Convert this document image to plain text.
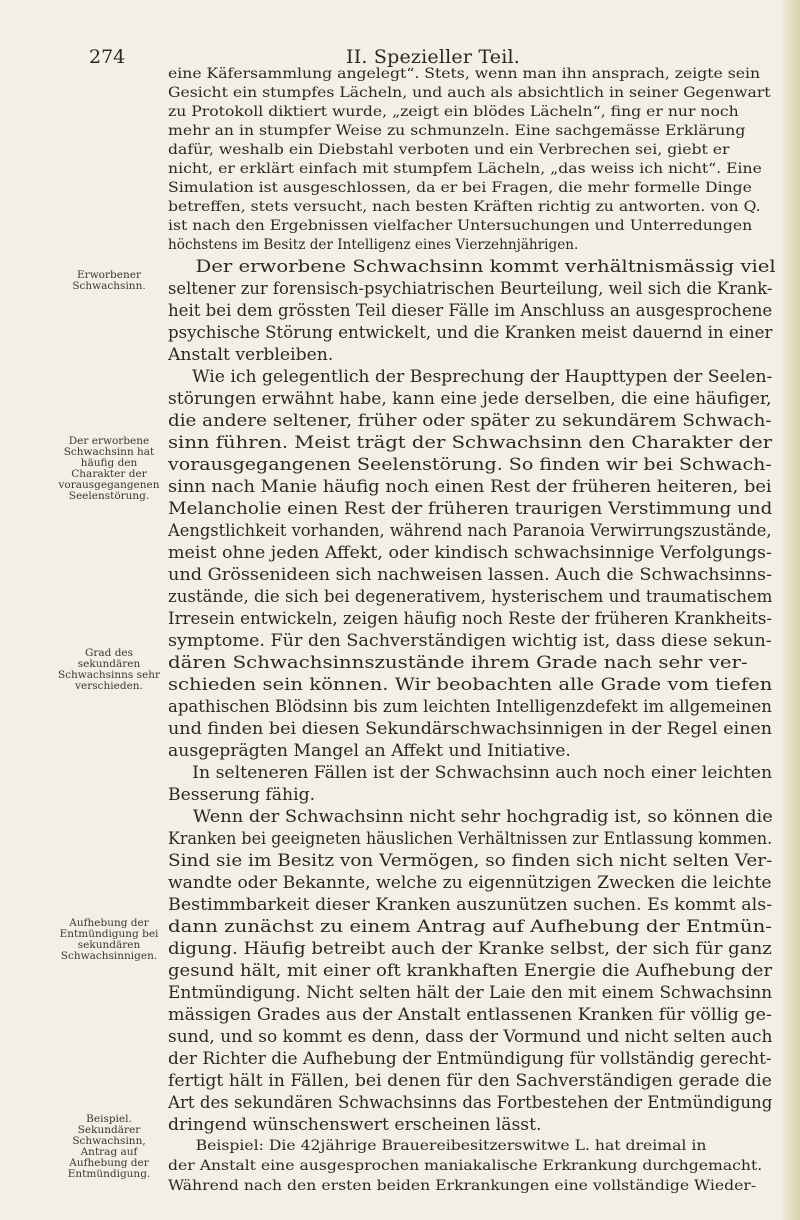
274	II. Spezieller Teil.
eine Käfersammlung angelegt“. Stets, wenn man ihn ansprach, zeigte sein
Gesicht ein stumpfes Lächeln, und auch als absichtlich in seiner Gegenwart
zu Protokoll diktiert wurde, „zeigt ein blödes Lächeln“, fing er nur noch
mehr an in stumpfer Weise zu schmunzeln. Eine sachgemässe Erklärung
dafür, weshalb ein Diebstahl verboten und ein Verbrechen sei, giebt er
nicht, er erklärt einfach mit stumpfem Lächeln, „das weiss ich nicht“. Eine
Simulation ist ausgeschlossen, da er bei Fragen, die mehr formelle Dinge
betreffen, stets versucht, nach besten Kräften richtig zu antworten. von Q.
ist nach den Ergebnissen vielfacher Untersuchungen und Unterredungen
höchstens im Besitz der Intelligenz eines Vierzehnjährigen.
Der erworbene Schwachsinn kommt verhältnismässig viel
seltener zur forensisch-psychiatrischen Beurteilung, weil sich die Krank-
heit bei dem grössten Teil dieser Fälle im Anschluss an ausgesprochene
psychische Störung entwickelt, und die Kranken meist dauernd in einer
Anstalt verbleiben.
Wie ich gelegentlich der Besprechung der Haupttypen der Seelen-
störungen erwähnt habe, kann eine jede derselben, die eine häufiger,
die andere seltener, früher oder später zu sekundärem Schwach-
sinn führen. Meist trägt der Schwachsinn den Charakter der
vorausgegangenen Seelenstörung. So finden wir bei Schwach-
sinn nach Manie häufig noch einen Rest der früheren heiteren, bei
Melancholie einen Rest der früheren traurigen Verstimmung und
Aengstlichkeit vorhanden, während nach Paranoia Verwirrungszustände,
meist ohne jeden Affekt, oder kindisch schwachsinnige Verfolgungs-
und Grössenideen sich nachweisen lassen. Auch die Schwachsinns-
zustände, die sich bei degenerativem, hysterischem und traumatischem
Irresein entwickeln, zeigen häufig noch Reste der früheren Krankheits-
symptome. Für den Sachverständigen wichtig ist, dass diese sekun-
dären Schwachsinnszustände ihrem Grade nach sehr ver-
schieden sein können. Wir beobachten alle Grade vom tiefen
apathischen Blödsinn bis zum leichten Intelligenzdefekt im allgemeinen
und finden bei diesen Sekundärschwachsinnigen in der Regel einen
ausgeprägten Mangel an Affekt und Initiative.
In selteneren Fällen ist der Schwachsinn auch noch einer leichten
Besserung fähig.
Wenn der Schwachsinn nicht sehr hochgradig ist, so können die
Kranken bei geeigneten häuslichen Verhältnissen zur Entlassung kommen.
Sind sie im Besitz von Vermögen, so finden sich nicht selten Ver-
wandte oder Bekannte, welche zu eigennützigen Zwecken die leichte
Bestimmbarkeit dieser Kranken auszunützen suchen. Es kommt als-
dann zunächst zu einem Antrag auf Aufhebung der Entmün-
digung. Häufig betreibt auch der Kranke selbst, der sich für ganz
gesund hält, mit einer oft krankhaften Energie die Aufhebung der
Entmündigung. Nicht selten hält der Laie den mit einem Schwachsinn
mässigen Grades aus der Anstalt entlassenen Kranken für völlig ge-
sund, und so kommt es denn, dass der Vormund und nicht selten auch
der Richter die Aufhebung der Entmündigung für vollständig gerecht-
fertigt hält in Fällen, bei denen für den Sachverständigen gerade die
Art des sekundären Schwachsinns das Fortbestehen der Entmündigung
dringend wünschenswert erscheinen lässt.
Beispiel: Die 42jährige Brauereibesitzerswitwe L. hat dreimal in
der Anstalt eine ausgesprochen maniakalische Erkrankung durchgemacht.
Während nach den ersten beiden Erkrankungen eine vollständige Wieder-
Erworbener Schwachsinn.
Der erworbene Schwachsinn hat häufig den Charakter der vorausgegangenen Seelenstörung.
Grad des sekundären Schwachsinns sehr verschieden.
Aufhebung der Entmündigung bei sekundären Schwachsinnigen.
Beispiel. Sekundärer Schwachsinn, Antrag auf Aufhebung der Entmündigung.
